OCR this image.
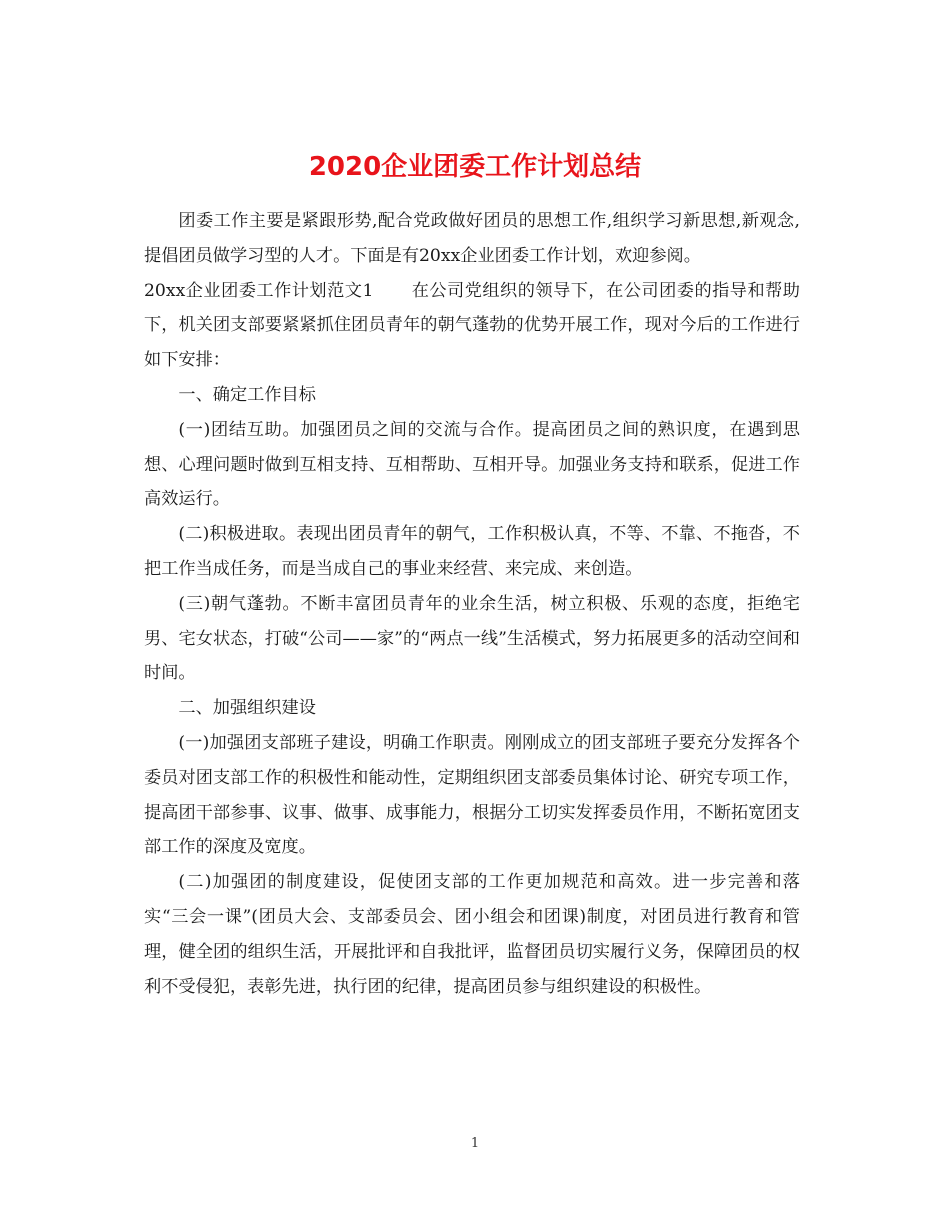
2020企业团委工作计划总结

团委工作主要是紧跟形势,配合党政做好团员的思想工作,组织学习新思想,新观念,提倡团员做学习型的人才。下面是有20xx企业团委工作计划，欢迎参阅。

20xx企业团委工作计划范文1 在公司党组织的领导下，在公司团委的指导和帮助下，机关团支部要紧紧抓住团员青年的朝气蓬勃的优势开展工作，现对今后的工作进行如下安排：

一、确定工作目标

(一)团结互助。加强团员之间的交流与合作。提高团员之间的熟识度，在遇到思想、心理问题时做到互相支持、互相帮助、互相开导。加强业务支持和联系，促进工作高效运行。

(二)积极进取。表现出团员青年的朝气，工作积极认真，不等、不靠、不拖沓，不把工作当成任务，而是当成自己的事业来经营、来完成、来创造。

(三)朝气蓬勃。不断丰富团员青年的业余生活，树立积极、乐观的态度，拒绝宅男、宅女状态，打破“公司——家”的“两点一线”生活模式，努力拓展更多的活动空间和时间。

二、加强组织建设

(一)加强团支部班子建设，明确工作职责。刚刚成立的团支部班子要充分发挥各个委员对团支部工作的积极性和能动性，定期组织团支部委员集体讨论、研究专项工作，提高团干部参事、议事、做事、成事能力，根据分工切实发挥委员作用，不断拓宽团支部工作的深度及宽度。

(二)加强团的制度建设，促使团支部的工作更加规范和高效。进一步完善和落实“三会一课”(团员大会、支部委员会、团小组会和团课)制度，对团员进行教育和管理，健全团的组织生活，开展批评和自我批评，监督团员切实履行义务，保障团员的权利不受侵犯，表彰先进，执行团的纪律，提高团员参与组织建设的积极性。

1
